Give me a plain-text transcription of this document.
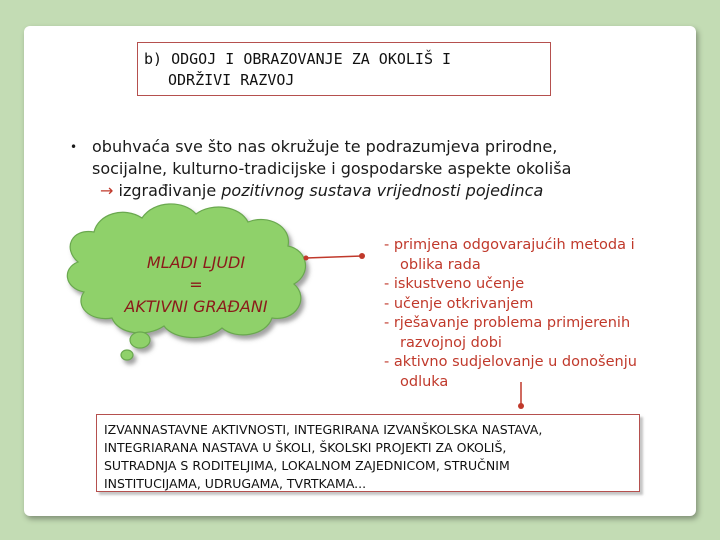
b) ODGOJ I OBRAZOVANJE ZA OKOLIŠ I
ODRŽIVI RAZVOJ
• obuhvaća sve što nas okružuje te podrazumjeva prirodne,
socijalne, kulturno-tradicijske i gospodarske aspekte okoliša

→ izgrađivanje pozitivnog sustava vrijednosti pojedinca
MLADI LJUDI
=
AKTIVNI GRAĐANI
- primjena odgovarajućih metoda i
oblika rada
- iskustveno učenje
- učenje otkrivanjem
- rješavanje problema primjerenih
razvojnoj dobi
- aktivno sudjelovanje u donošenju
odluka
IZVANNASTAVNE AKTIVNOSTI, INTEGRIRANA IZVANŠKOLSKA NASTAVA,
INTEGRIARANA NASTAVA U ŠKOLI, ŠKOLSKI PROJEKTI ZA OKOLIŠ,
SUTRADNJA S RODITELJIMA, LOKALNOM ZAJEDNICOM, STRUČNIM
INSTITUCIJAMA, UDRUGAMA, TVRTKAMA...
